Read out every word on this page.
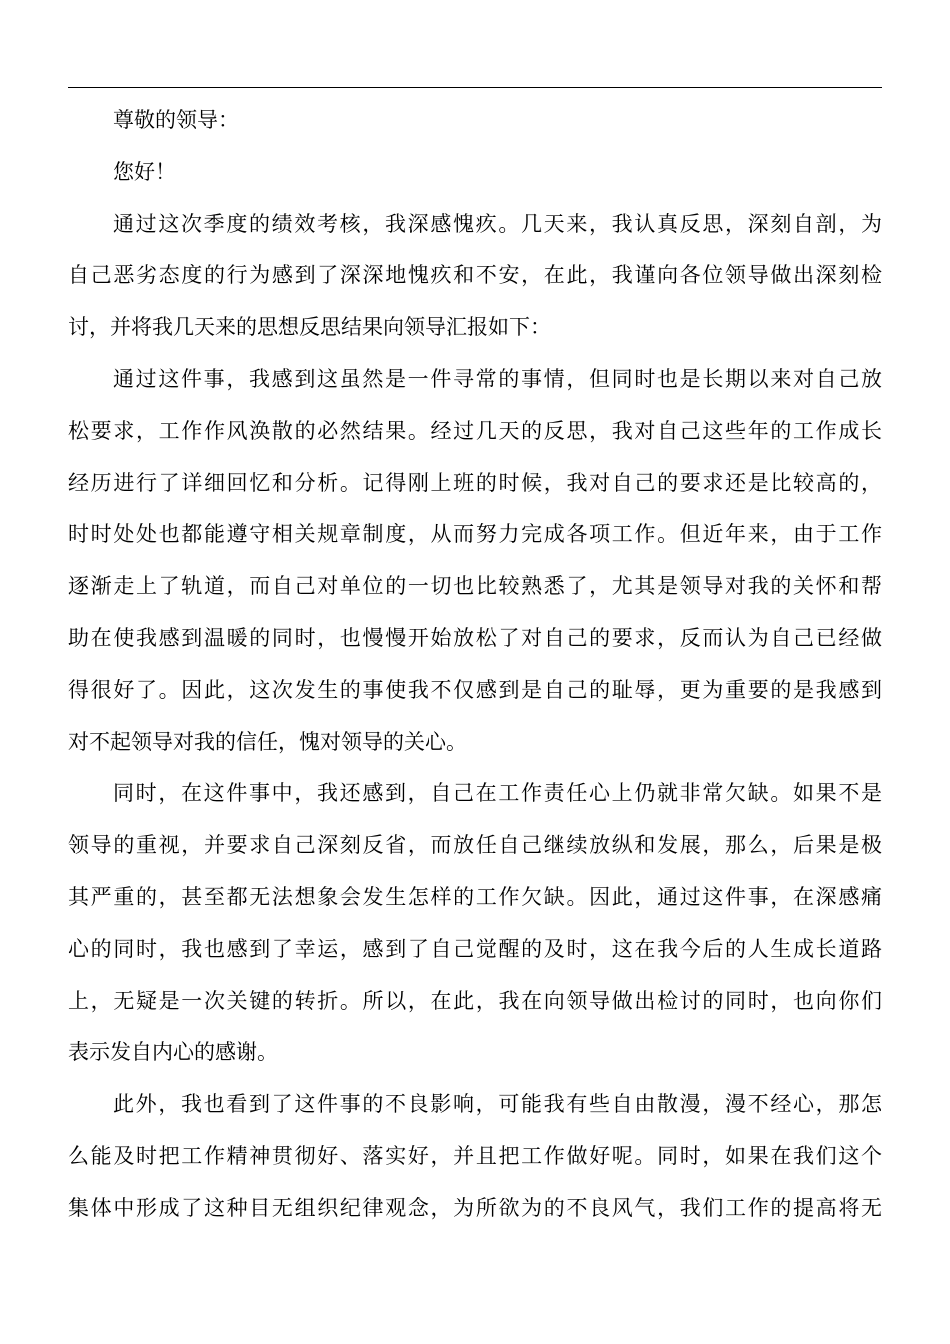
尊敬的领导：
您好！
通过这次季度的绩效考核，我深感愧疚。几天来，我认真反思，深刻自剖，为
自己恶劣态度的行为感到了深深地愧疚和不安，在此，我谨向各位领导做出深刻检
讨，并将我几天来的思想反思结果向领导汇报如下：
通过这件事，我感到这虽然是一件寻常的事情，但同时也是长期以来对自己放
松要求，工作作风涣散的必然结果。经过几天的反思，我对自己这些年的工作成长
经历进行了详细回忆和分析。记得刚上班的时候，我对自己的要求还是比较高的，
时时处处也都能遵守相关规章制度，从而努力完成各项工作。但近年来，由于工作
逐渐走上了轨道，而自己对单位的一切也比较熟悉了，尤其是领导对我的关怀和帮
助在使我感到温暖的同时，也慢慢开始放松了对自己的要求，反而认为自己已经做
得很好了。因此，这次发生的事使我不仅感到是自己的耻辱，更为重要的是我感到
对不起领导对我的信任，愧对领导的关心。
同时，在这件事中，我还感到，自己在工作责任心上仍就非常欠缺。如果不是
领导的重视，并要求自己深刻反省，而放任自己继续放纵和发展，那么，后果是极
其严重的，甚至都无法想象会发生怎样的工作欠缺。因此，通过这件事，在深感痛
心的同时，我也感到了幸运，感到了自己觉醒的及时，这在我今后的人生成长道路
上，无疑是一次关键的转折。所以，在此，我在向领导做出检讨的同时，也向你们
表示发自内心的感谢。
此外，我也看到了这件事的不良影响，可能我有些自由散漫，漫不经心，那怎
么能及时把工作精神贯彻好、落实好，并且把工作做好呢。同时，如果在我们这个
集体中形成了这种目无组织纪律观念，为所欲为的不良风气，我们工作的提高将无
